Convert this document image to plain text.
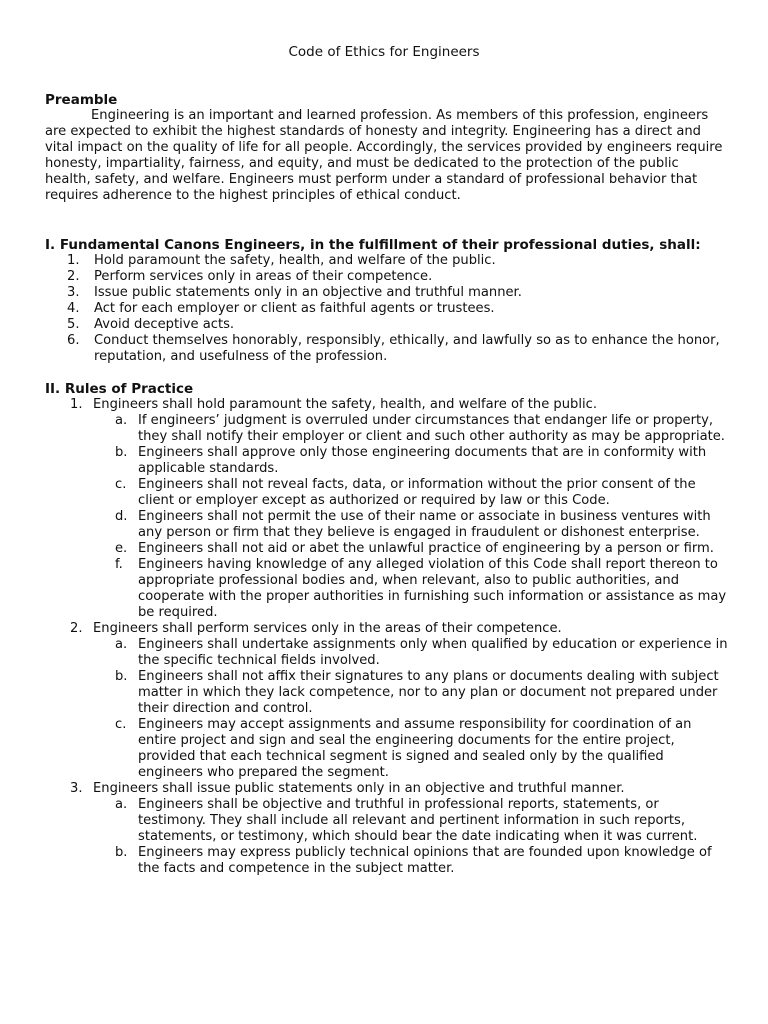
Code of Ethics for Engineers
Preamble

Engineering is an important and learned profession. As members of this profession, engineers are expected to exhibit the highest standards of honesty and integrity. Engineering has a direct and vital impact on the quality of life for all people. Accordingly, the services provided by engineers require honesty, impartiality, fairness, and equity, and must be dedicated to the protection of the public health, safety, and welfare. Engineers must perform under a standard of professional behavior that requires adherence to the highest principles of ethical conduct.

I. Fundamental Canons Engineers, in the fulfillment of their professional duties, shall:
1. Hold paramount the safety, health, and welfare of the public.
2. Perform services only in areas of their competence.
3. Issue public statements only in an objective and truthful manner.
4. Act for each employer or client as faithful agents or trustees.
5. Avoid deceptive acts.
6. Conduct themselves honorably, responsibly, ethically, and lawfully so as to enhance the honor, reputation, and usefulness of the profession.
II. Rules of Practice
1. Engineers shall hold paramount the safety, health, and welfare of the public.
a. If engineers’ judgment is overruled under circumstances that endanger life or property, they shall notify their employer or client and such other authority as may be appropriate.
b. Engineers shall approve only those engineering documents that are in conformity with applicable standards.
c. Engineers shall not reveal facts, data, or information without the prior consent of the client or employer except as authorized or required by law or this Code.
d. Engineers shall not permit the use of their name or associate in business ventures with any person or firm that they believe is engaged in fraudulent or dishonest enterprise.
e. Engineers shall not aid or abet the unlawful practice of engineering by a person or firm.
f. Engineers having knowledge of any alleged violation of this Code shall report thereon to appropriate professional bodies and, when relevant, also to public authorities, and cooperate with the proper authorities in furnishing such information or assistance as may be required.
2. Engineers shall perform services only in the areas of their competence.
a. Engineers shall undertake assignments only when qualified by education or experience in the specific technical fields involved.
b. Engineers shall not affix their signatures to any plans or documents dealing with subject matter in which they lack competence, nor to any plan or document not prepared under their direction and control.
c. Engineers may accept assignments and assume responsibility for coordination of an entire project and sign and seal the engineering documents for the entire project, provided that each technical segment is signed and sealed only by the qualified engineers who prepared the segment.
3. Engineers shall issue public statements only in an objective and truthful manner.
a. Engineers shall be objective and truthful in professional reports, statements, or testimony. They shall include all relevant and pertinent information in such reports, statements, or testimony, which should bear the date indicating when it was current.
b. Engineers may express publicly technical opinions that are founded upon knowledge of the facts and competence in the subject matter.
